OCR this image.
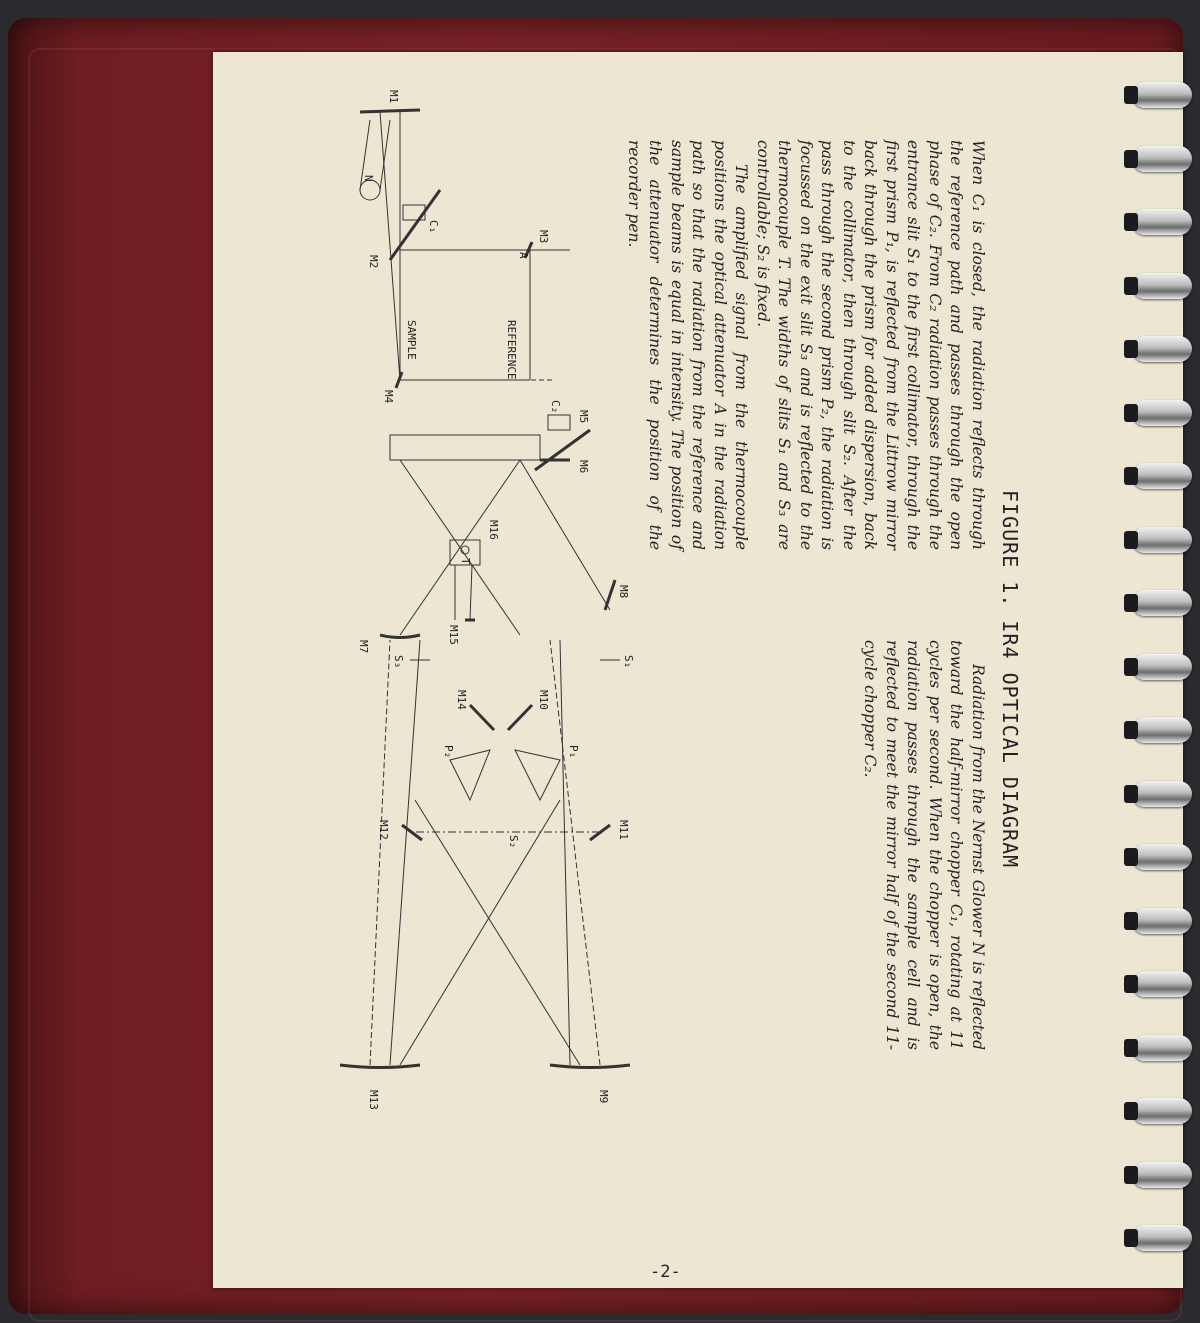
Radiation from the Nernst Glower N is reflected toward the half-mirror chopper C₁, rotating at 11 cycles per second. When the chopper is open, the radiation passes through the sample cell and is reflected to meet the mirror half of the second 11-cycle chopper C₂.

When C₁ is closed, the radiation reflects through the reference path and passes through the open phase of C₂. From C₂ radiation passes through the entrance slit S₁ to the first collimator, through the first prism P₁, is reflected from the Littrow mirror back through the prism for added dispersion, back to the collimator, then through slit S₂. After the pass through the second prism P₂, the radiation is focussed on the exit slit S₃ and is reflected to the thermocouple T. The widths of slits S₁ and S₃ are controllable; S₂ is fixed.

The amplified signal from the thermocouple positions the optical attenuator A in the radiation path so that the radiation from the reference and sample beams is equal in intensity. The position of the attenuator determines the position of the recorder pen.

M9
M13
M11
M12
M10
M14
S₁
S₃
S₂
P₁
P₂
M16
M15
T
M8
M7
M6
M5
C₂
REFERENCE
SAMPLE
A
M3
M4
C₁
M2
N
M1
FIGURE 1. IR4 OPTICAL DIAGRAM
-2-
